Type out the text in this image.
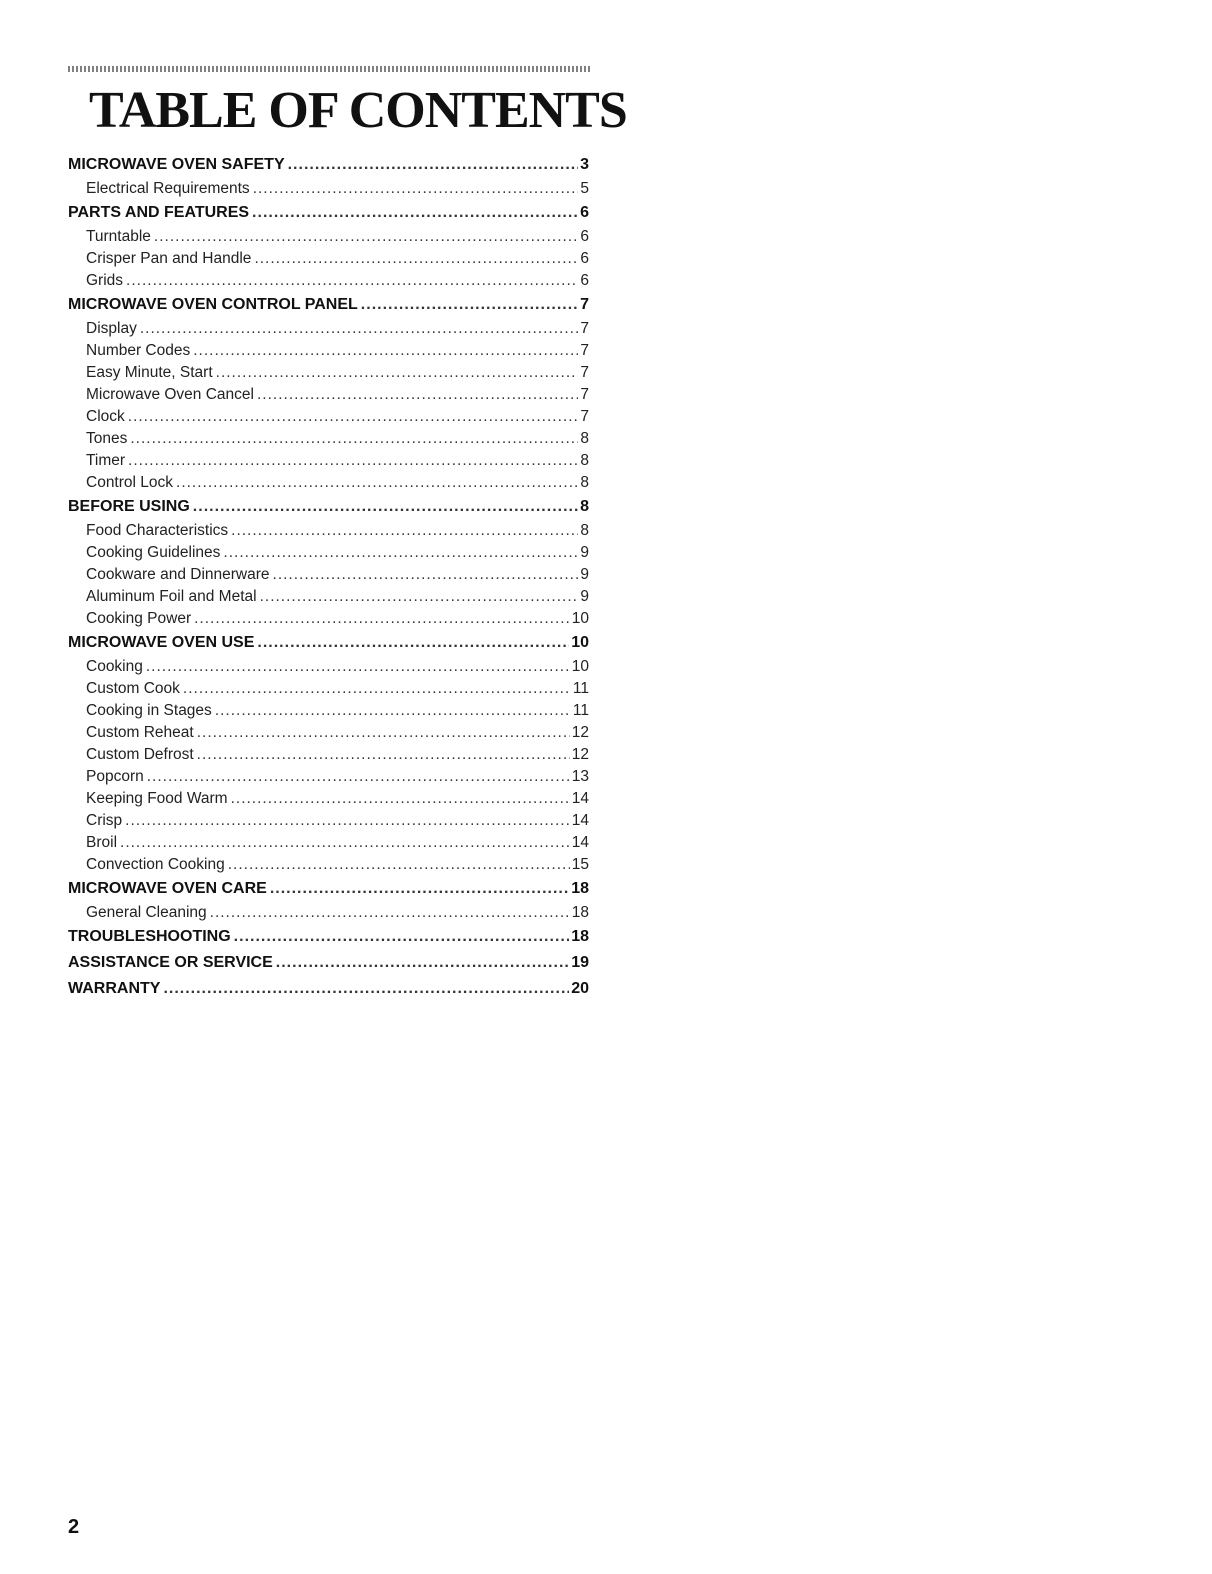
TABLE OF CONTENTS
MICROWAVE OVEN SAFETY .....	3
Electrical Requirements .....	5
PARTS AND FEATURES .....	6
Turntable .....	6
Crisper Pan and Handle .....	6
Grids .....	6
MICROWAVE OVEN CONTROL PANEL .....	7
Display .....	7
Number Codes .....	7
Easy Minute, Start .....	7
Microwave Oven Cancel .....	7
Clock .....	7
Tones .....	8
Timer .....	8
Control Lock .....	8
BEFORE USING .....	8
Food Characteristics .....	8
Cooking Guidelines .....	9
Cookware and Dinnerware .....	9
Aluminum Foil and Metal .....	9
Cooking Power .....	10
MICROWAVE OVEN USE .....	10
Cooking .....	10
Custom Cook .....	11
Cooking in Stages .....	11
Custom Reheat .....	12
Custom Defrost .....	12
Popcorn .....	13
Keeping Food Warm .....	14
Crisp .....	14
Broil .....	14
Convection Cooking .....	15
MICROWAVE OVEN CARE .....	18
General Cleaning .....	18
TROUBLESHOOTING .....	18
ASSISTANCE OR SERVICE .....	19
WARRANTY .....	20
2
